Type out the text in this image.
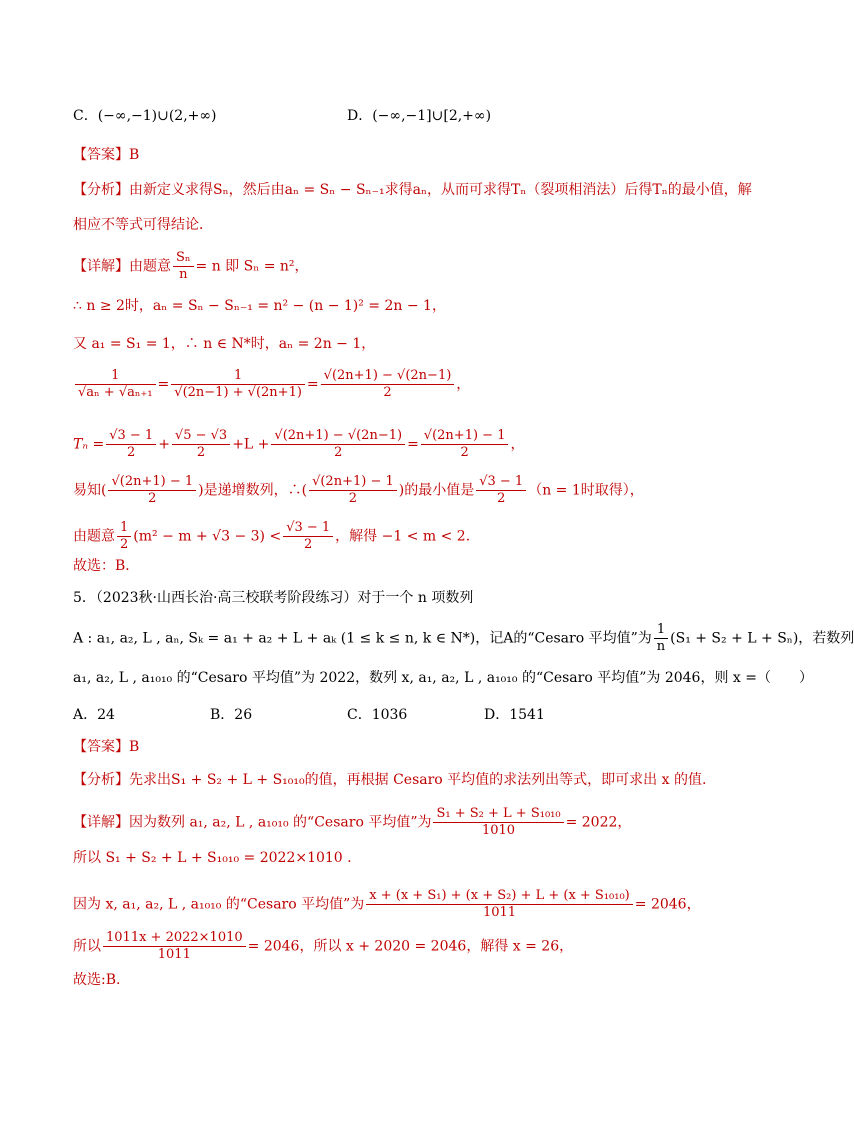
C．(−∞,−1)∪(2,+∞)	D．(−∞,−1]∪[2,+∞)
【答案】B
【分析】由新定义求得Sₙ，然后由aₙ = Sₙ − Sₙ₋₁求得aₙ，从而可求得Tₙ（裂项相消法）后得Tₙ的最小值，解
相应不等式可得结论．
【详解】由题意 $\frac{\text{Sₙ}}{n} = n$ 即 Sₙ = n²，
∴ n ≥ 2时，aₙ = Sₙ − Sₙ₋₁ = n² − (n − 1)² = 2n − 1，
又 a₁ = S₁ = 1，∴ n ∈ N*时，aₙ = 2n − 1，
$\frac{1}{\text{√aₙ + √aₙ₊₁}} = \frac{1}{√(2n-1) + √(2n+1)} = \frac{√(2n+1) - √(2n-1)}{2}$ ，
$T_n = \frac{√3 - 1}{2} + \frac{√5 - √3}{2} +L + \frac{√(2n+1) - √(2n-1)}{2} = \frac{√(2n+1) - 1}{2}$ ，
易知( $\frac{√(2n+1) - 1}{2}$ )是递增数列，∴( $\frac{√(2n+1) - 1}{2}$ )的最小值是 $\frac{√3 - 1}{2} (n = 1$时取得），
由题意 $\frac{1}{2} (m^2 - m + √3 - 3) < \frac{√3 - 1}{2}$ ，解得 −1 < m < 2．
故选：B．
5．（2023秋·山西长治·高三校联考阶段练习）对于一个 n 项数列
A : a₁, a₂, L , aₙ, Sₖ = a₁ + a₂ + L + aₖ (1 ≤ k ≤ n, k ∈ N*)，记A的“Cesaro 平均值”为 $\frac{1}{n} (S_1 + S_2 + L + S_n)$，若数列
a₁, a₂, L , a₁₀₁₀ 的“Cesaro 平均值”为 2022，数列 x, a₁, a₂, L , a₁₀₁₀ 的“Cesaro 平均值”为 2046，则 x =（　　）
A．24	B．26	C．1036	D．1541
【答案】B
【分析】先求出S₁ + S₂ + L + S₁₀₁₀的值，再根据 Cesaro 平均值的求法列出等式，即可求出 x 的值.
【详解】因为数列 a₁, a₂, L , a₁₀₁₀ 的“Cesaro 平均值”为 $\frac{\text{S₁ + S₂ + L + S₁₀₁₀}}{1010} = 2022$，
所以 S₁ + S₂ + L + S₁₀₁₀ = 2022×1010 .
因为 x, a₁, a₂, L , a₁₀₁₀ 的“Cesaro 平均值”为 $\frac{\text{x + (x + S₁) + (x + S₂) + L + (x + S₁₀₁₀)}}{1011} = 2046$，
所以 $\frac{1011x + 2022\times 1010}{1011} = 2046$，所以 x + 2020 = 2046，解得 x = 26，
故选:B.
